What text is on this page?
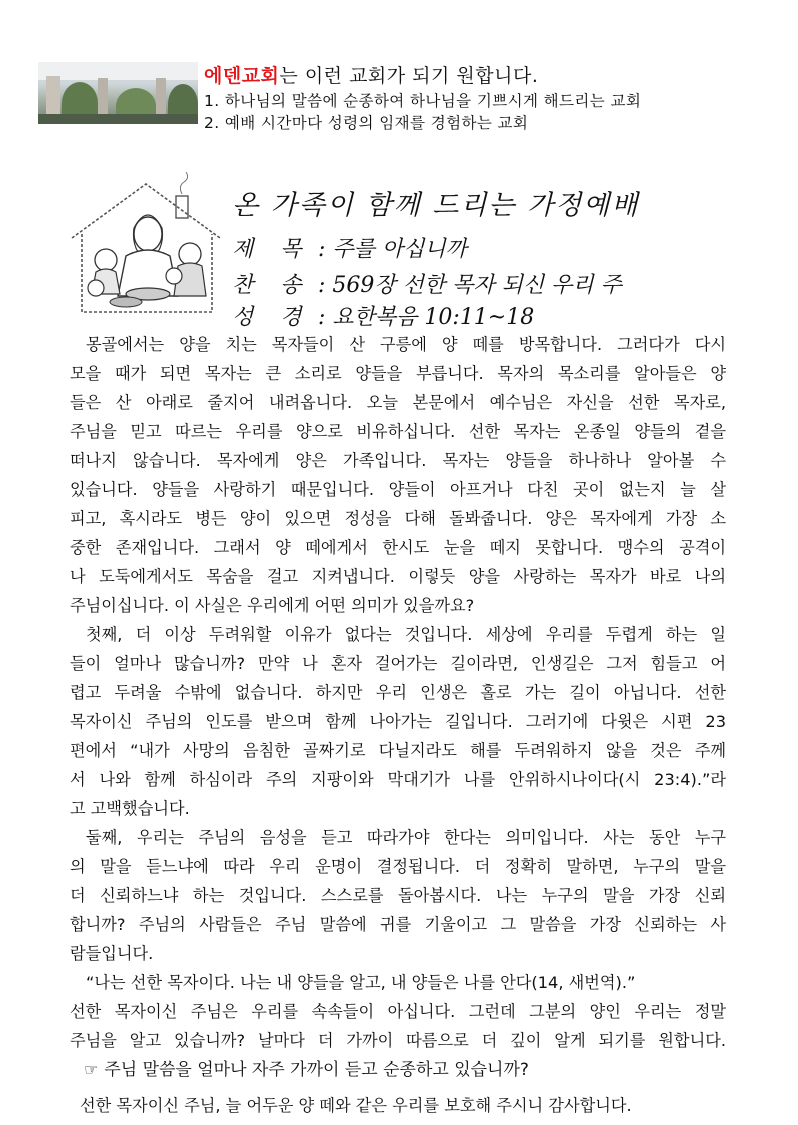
에덴교회는 이런 교회가 되기 원합니다.
1. 하나님의 말씀에 순종하여 하나님을 기쁘시게 해드리는 교회
2. 예배 시간마다 성령의 임재를 경험하는 교회
온 가족이 함께 드리는 가정예배
제 목 : 주를 아십니까
찬 송 : 569장 선한 목자 되신 우리 주
성 경 : 요한복음 10:11~18
몽골에서는 양을 치는 목자들이 산 구릉에 양 떼를 방목합니다. 그러다가 다시
모을 때가 되면 목자는 큰 소리로 양들을 부릅니다. 목자의 목소리를 알아들은 양
들은 산 아래로 줄지어 내려옵니다. 오늘 본문에서 예수님은 자신을 선한 목자로,
주님을 믿고 따르는 우리를 양으로 비유하십니다. 선한 목자는 온종일 양들의 곁을
떠나지 않습니다. 목자에게 양은 가족입니다. 목자는 양들을 하나하나 알아볼 수
있습니다. 양들을 사랑하기 때문입니다. 양들이 아프거나 다친 곳이 없는지 늘 살
피고, 혹시라도 병든 양이 있으면 정성을 다해 돌봐줍니다. 양은 목자에게 가장 소
중한 존재입니다. 그래서 양 떼에게서 한시도 눈을 떼지 못합니다. 맹수의 공격이
나 도둑에게서도 목숨을 걸고 지켜냅니다. 이렇듯 양을 사랑하는 목자가 바로 나의
주님이십니다. 이 사실은 우리에게 어떤 의미가 있을까요?
첫째, 더 이상 두려워할 이유가 없다는 것입니다. 세상에 우리를 두렵게 하는 일
들이 얼마나 많습니까? 만약 나 혼자 걸어가는 길이라면, 인생길은 그저 힘들고 어
렵고 두려울 수밖에 없습니다. 하지만 우리 인생은 홀로 가는 길이 아닙니다. 선한
목자이신 주님의 인도를 받으며 함께 나아가는 길입니다. 그러기에 다윗은 시편 23
편에서 “내가 사망의 음침한 골짜기로 다닐지라도 해를 두려워하지 않을 것은 주께
서 나와 함께 하심이라 주의 지팡이와 막대기가 나를 안위하시나이다(시 23:4).”라
고 고백했습니다.
둘째, 우리는 주님의 음성을 듣고 따라가야 한다는 의미입니다. 사는 동안 누구
의 말을 듣느냐에 따라 우리 운명이 결정됩니다. 더 정확히 말하면, 누구의 말을
더 신뢰하느냐 하는 것입니다. 스스로를 돌아봅시다. 나는 누구의 말을 가장 신뢰
합니까? 주님의 사람들은 주님 말씀에 귀를 기울이고 그 말씀을 가장 신뢰하는 사
람들입니다.
“나는 선한 목자이다. 나는 내 양들을 알고, 내 양들은 나를 안다(14, 새번역).”
선한 목자이신 주님은 우리를 속속들이 아십니다. 그런데 그분의 양인 우리는 정말
주님을 알고 있습니까? 날마다 더 가까이 따름으로 더 깊이 알게 되기를 원합니다.
☞ 주님 말씀을 얼마나 자주 가까이 듣고 순종하고 있습니까?
선한 목자이신 주님, 늘 어두운 양 떼와 같은 우리를 보호해 주시니 감사합니다.
